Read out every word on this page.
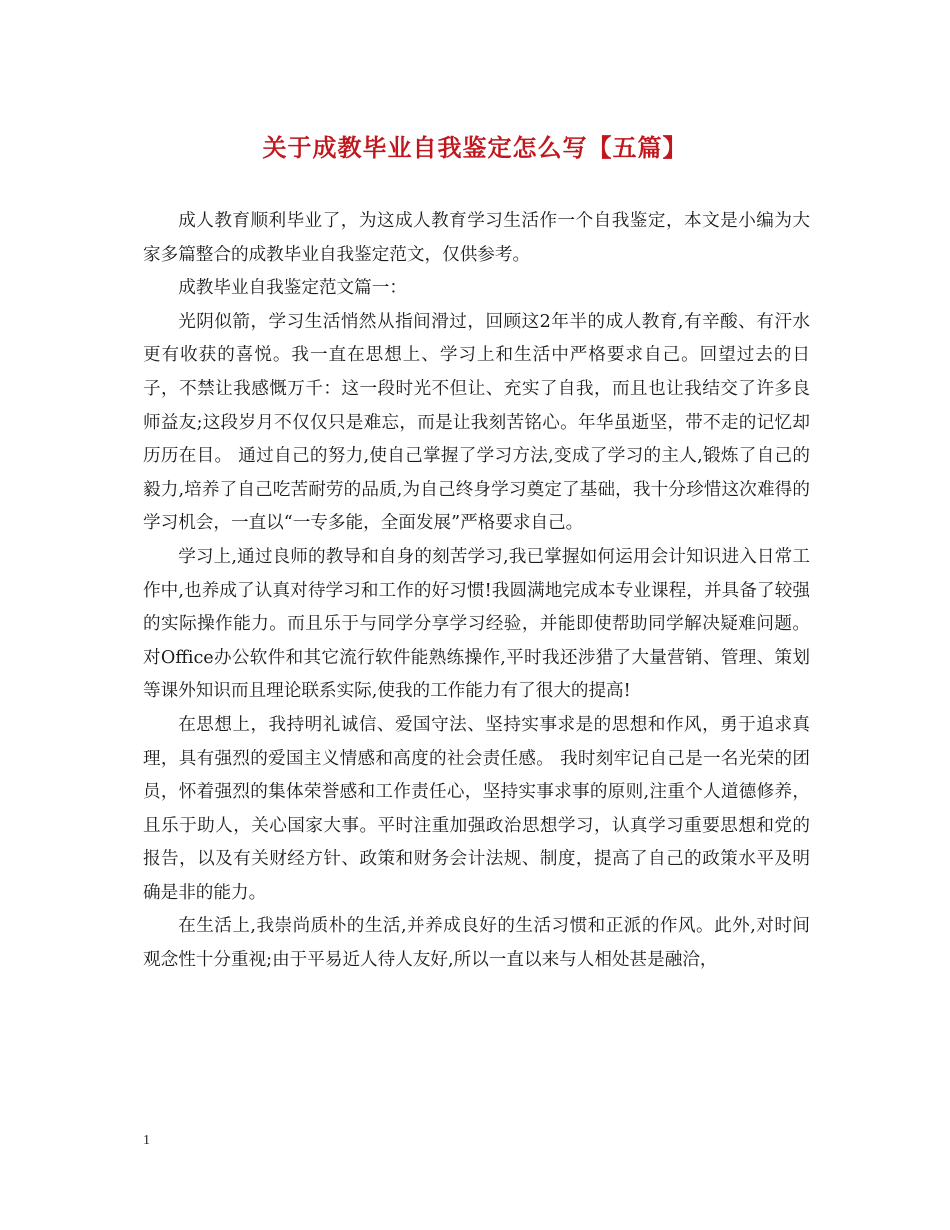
关于成教毕业自我鉴定怎么写【五篇】

成人教育顺利毕业了，为这成人教育学习生活作一个自我鉴定，本文是小编为大家多篇整合的成教毕业自我鉴定范文，仅供参考。

成教毕业自我鉴定范文篇一：

光阴似箭，学习生活悄然从指间滑过，回顾这2年半的成人教育,有辛酸、有汗水更有收获的喜悦。我一直在思想上、学习上和生活中严格要求自己。回望过去的日子，不禁让我感慨万千：这一段时光不但让、充实了自我，而且也让我结交了许多良师益友;这段岁月不仅仅只是难忘，而是让我刻苦铭心。年华虽逝坚，带不走的记忆却历历在目。 通过自己的努力,使自己掌握了学习方法,变成了学习的主人,锻炼了自己的毅力,培养了自己吃苦耐劳的品质,为自己终身学习奠定了基础，我十分珍惜这次难得的学习机会，一直以“一专多能，全面发展”严格要求自己。

学习上,通过良师的教导和自身的刻苦学习,我已掌握如何运用会计知识进入日常工作中,也养成了认真对待学习和工作的好习惯!我圆满地完成本专业课程，并具备了较强的实际操作能力。而且乐于与同学分享学习经验，并能即使帮助同学解决疑难问题。对Office办公软件和其它流行软件能熟练操作,平时我还涉猎了大量营销、管理、策划等课外知识而且理论联系实际,使我的工作能力有了很大的提高!

在思想上，我持明礼诚信、爱国守法、坚持实事求是的思想和作风，勇于追求真理，具有强烈的爱国主义情感和高度的社会责任感。 我时刻牢记自己是一名光荣的团员，怀着强烈的集体荣誉感和工作责任心，坚持实事求事的原则,注重个人道德修养，且乐于助人，关心国家大事。平时注重加强政治思想学习，认真学习重要思想和党的报告，以及有关财经方针、政策和财务会计法规、制度，提高了自己的政策水平及明确是非的能力。

在生活上,我崇尚质朴的生活,并养成良好的生活习惯和正派的作风。此外,对时间观念性十分重视;由于平易近人待人友好,所以一直以来与人相处甚是融洽，

1
